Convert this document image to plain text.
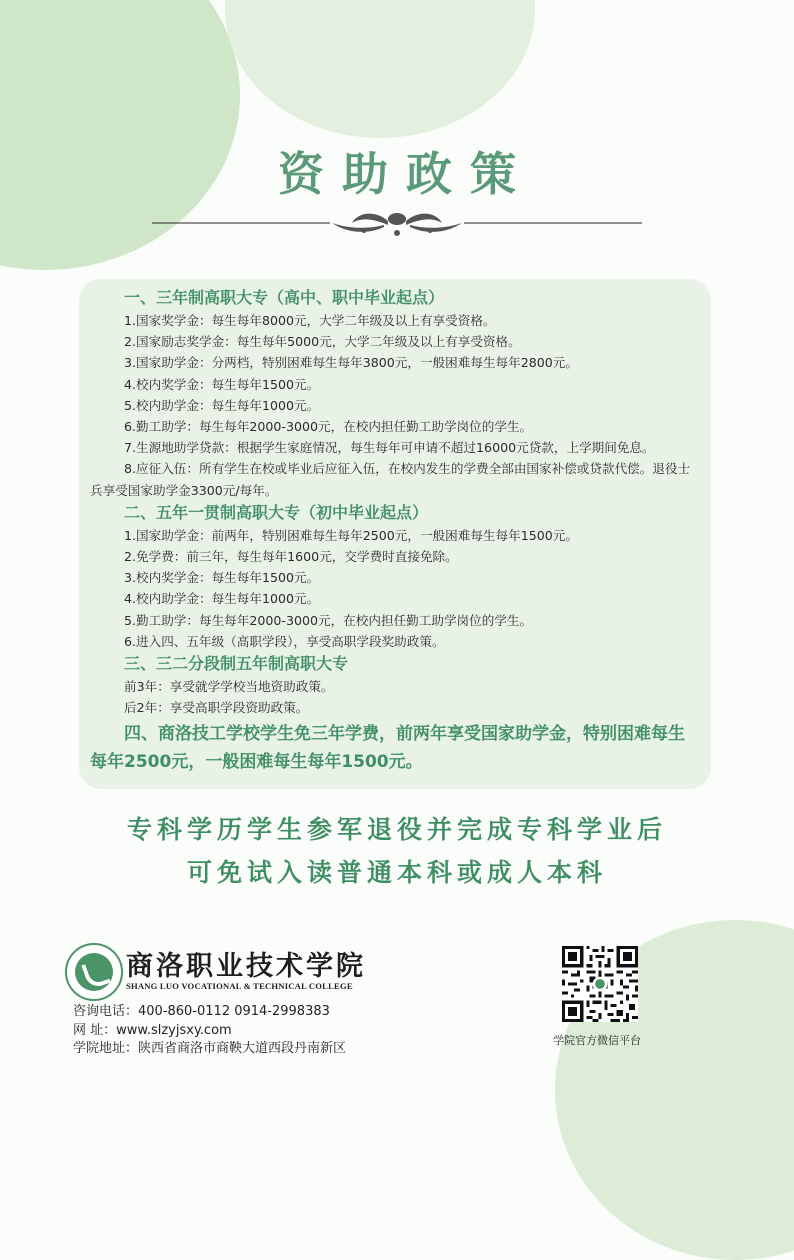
资助政策
一、三年制高职大专（高中、职中毕业起点）
1.国家奖学金：每生每年8000元，大学二年级及以上有享受资格。
2.国家励志奖学金：每生每年5000元，大学二年级及以上有享受资格。
3.国家助学金：分两档，特别困难每生每年3800元，一般困难每生每年2800元。
4.校内奖学金：每生每年1500元。
5.校内助学金：每生每年1000元。
6.勤工助学：每生每年2000-3000元，在校内担任勤工助学岗位的学生。
7.生源地助学贷款：根据学生家庭情况，每生每年可申请不超过16000元贷款，上学期间免息。
8.应征入伍：所有学生在校或毕业后应征入伍，在校内发生的学费全部由国家补偿或贷款代偿。退役士兵享受国家助学金3300元/每年。
二、五年一贯制高职大专（初中毕业起点）
1.国家助学金：前两年，特别困难每生每年2500元，一般困难每生每年1500元。
2.免学费：前三年，每生每年1600元，交学费时直接免除。
3.校内奖学金：每生每年1500元。
4.校内助学金：每生每年1000元。
5.勤工助学：每生每年2000-3000元，在校内担任勤工助学岗位的学生。
6.进入四、五年级（高职学段），享受高职学段奖助政策。
三、三二分段制五年制高职大专
前3年：享受就学学校当地资助政策。
后2年：享受高职学段资助政策。
四、商洛技工学校学生免三年学费，前两年享受国家助学金，特别困难每生每年2500元，一般困难每生每年1500元。
专科学历学生参军退役并完成专科学业后
可免试入读普通本科或成人本科
商洛职业技术学院
SHANG LUO VOCATIONAL & TECHNICAL COLLEGE
咨询电话：400-860-0112 0914-2998383
网 址：www.slzyjsxy.com
学院地址：陕西省商洛市商鞅大道西段丹南新区
学院官方微信平台
